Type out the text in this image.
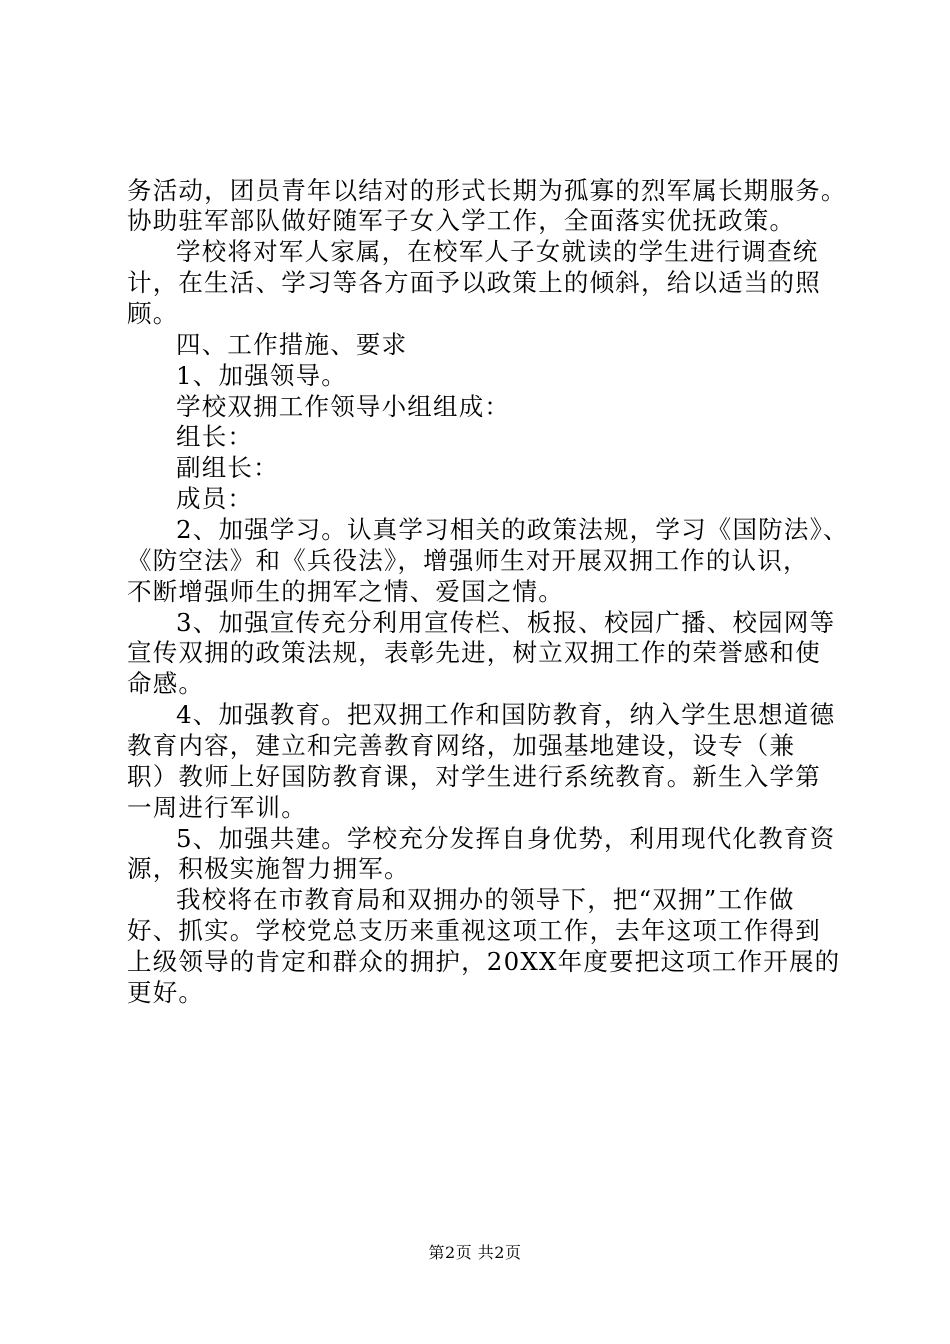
务活动，团员青年以结对的形式长期为孤寡的烈军属长期服务。
协助驻军部队做好随军子女入学工作，全面落实优抚政策。
学校将对军人家属，在校军人子女就读的学生进行调查统
计，在生活、学习等各方面予以政策上的倾斜，给以适当的照
顾。
四、工作措施、要求
1、加强领导。
学校双拥工作领导小组组成：
组长：
副组长：
成员：
2、加强学习。认真学习相关的政策法规，学习《国防法》、
《防空法》和《兵役法》，增强师生对开展双拥工作的认识，
不断增强师生的拥军之情、爱国之情。
3、加强宣传充分利用宣传栏、板报、校园广播、校园网等
宣传双拥的政策法规，表彰先进，树立双拥工作的荣誉感和使
命感。
4、加强教育。把双拥工作和国防教育，纳入学生思想道德
教育内容，建立和完善教育网络，加强基地建设，设专（兼
职）教师上好国防教育课，对学生进行系统教育。新生入学第
一周进行军训。
5、加强共建。学校充分发挥自身优势，利用现代化教育资
源，积极实施智力拥军。
我校将在市教育局和双拥办的领导下，把“双拥”工作做
好、抓实。学校党总支历来重视这项工作，去年这项工作得到
上级领导的肯定和群众的拥护，20XX年度要把这项工作开展的
更好。
第2页 共2页
